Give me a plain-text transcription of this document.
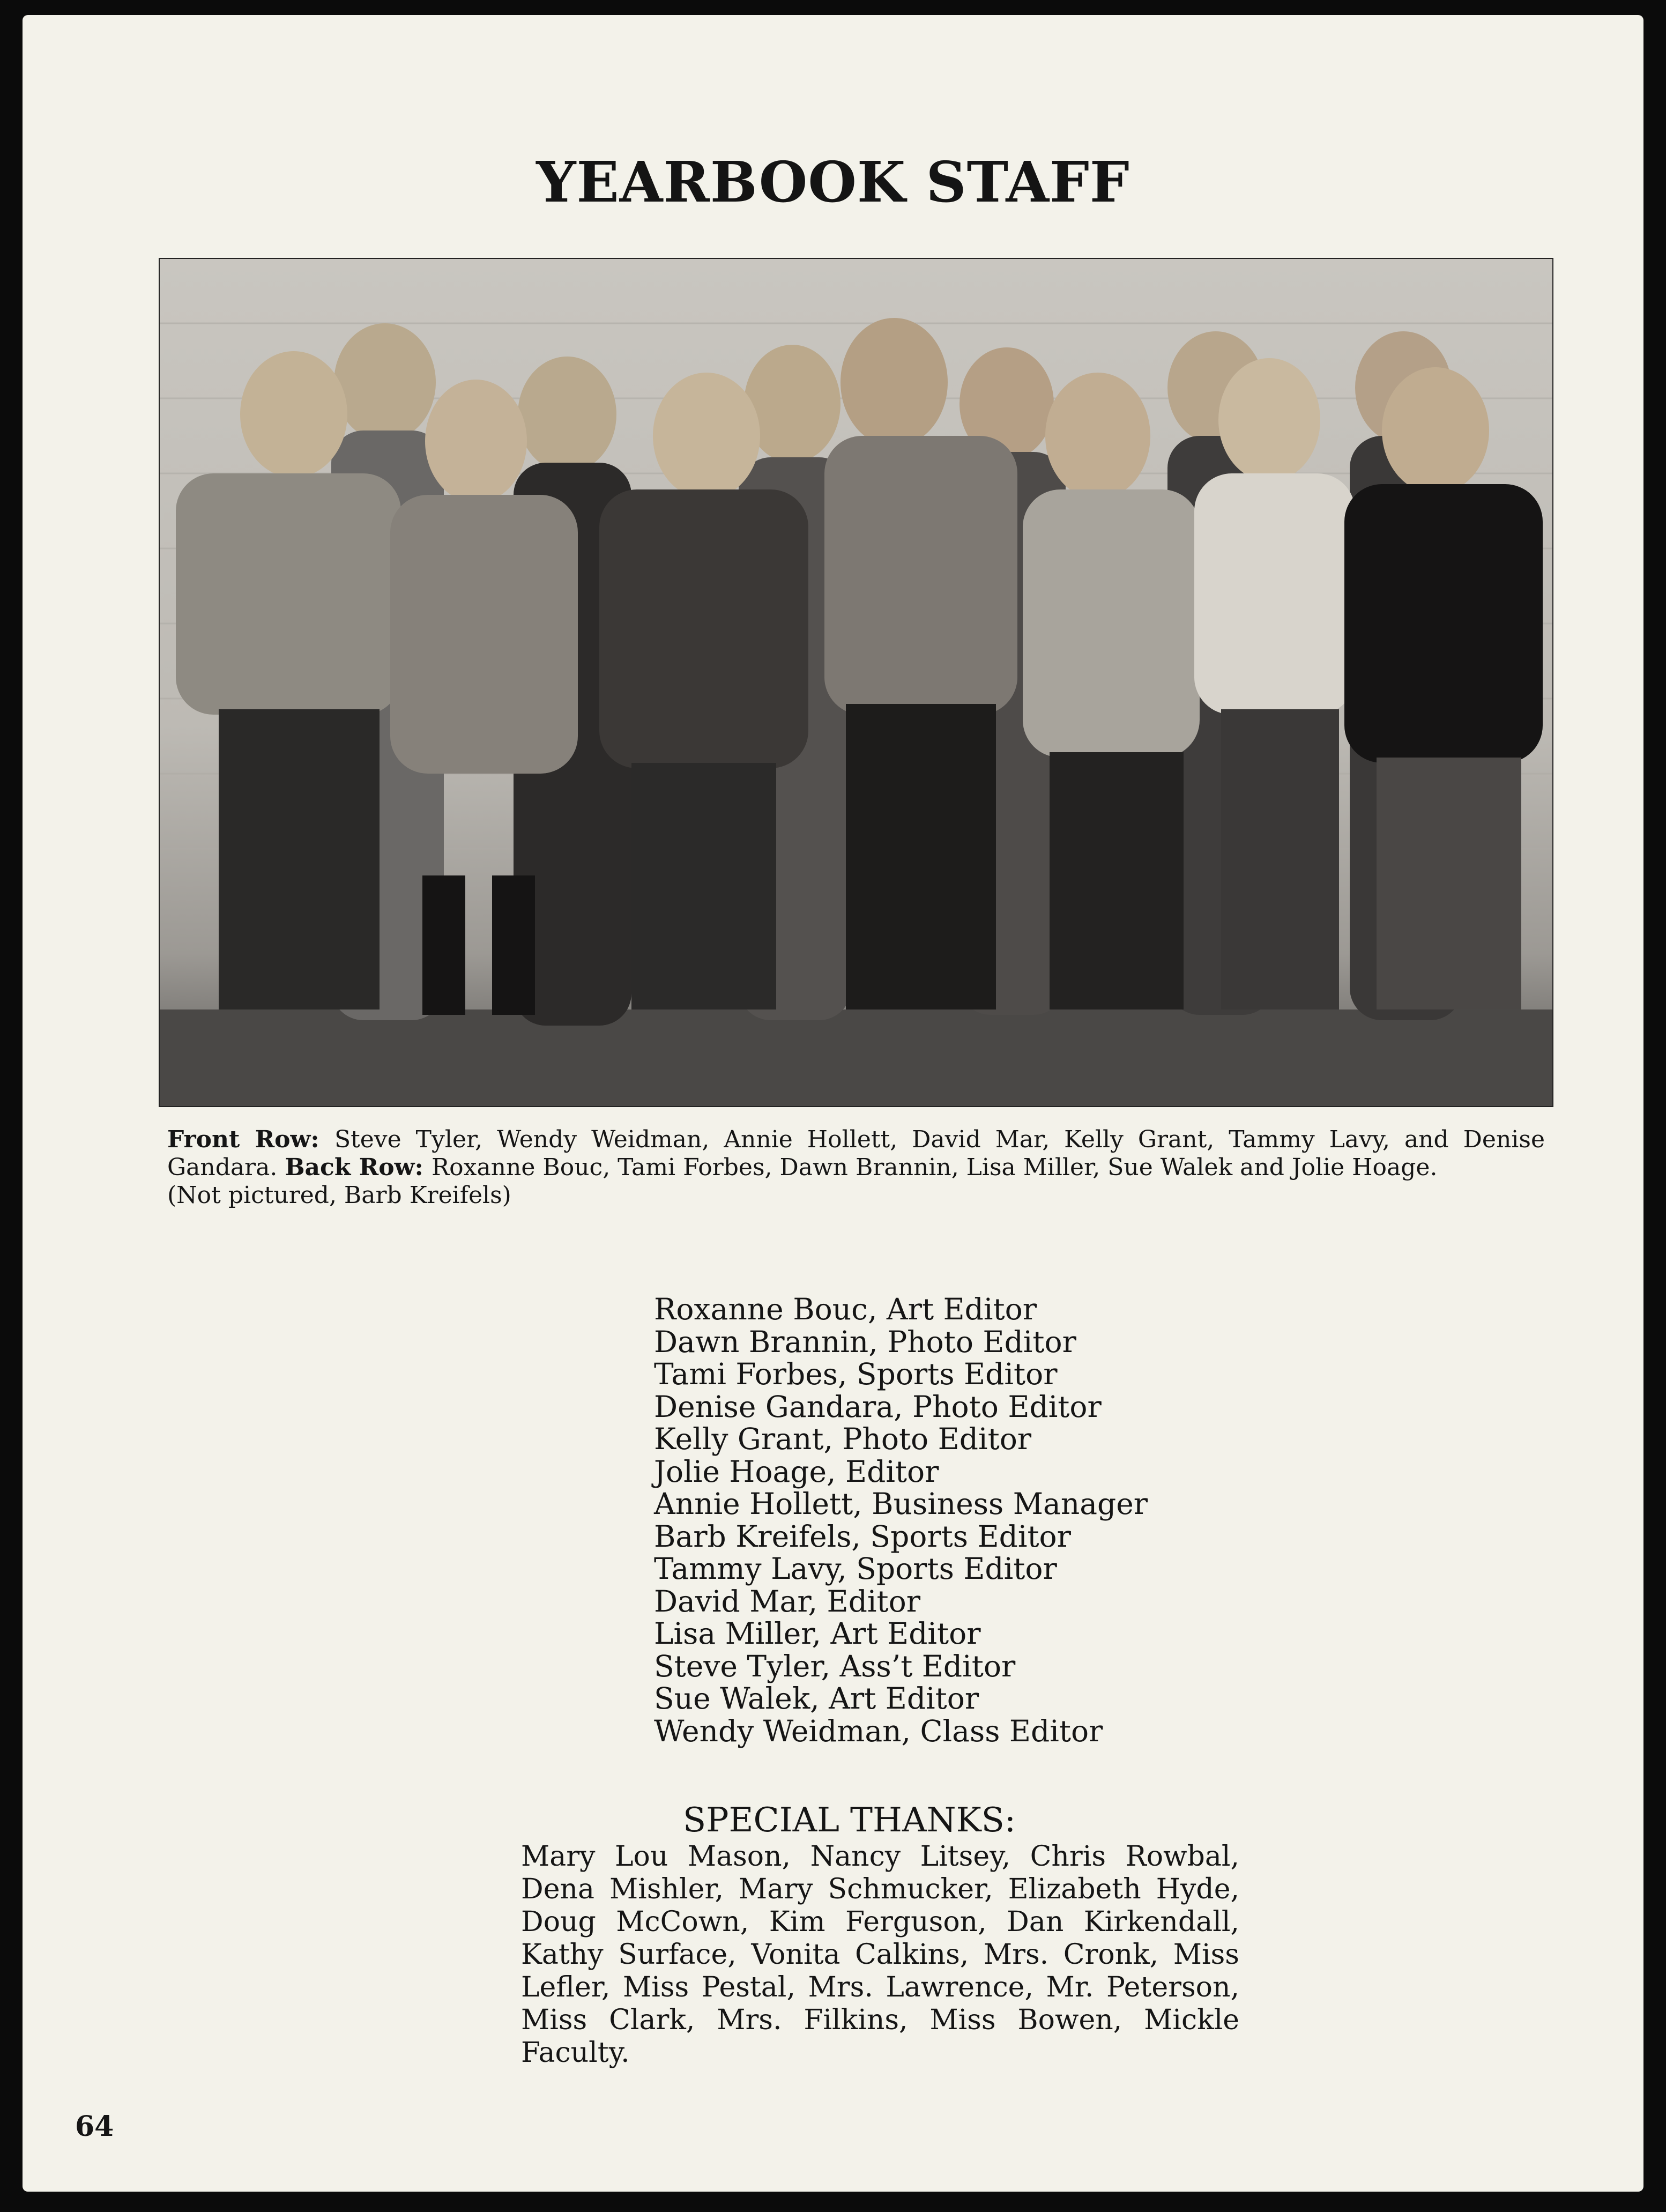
YEARBOOK STAFF
Front Row: Steve Tyler, Wendy Weidman, Annie Hollett, David Mar, Kelly Grant, Tammy Lavy, and Denise Gandara. Back Row: Roxanne Bouc, Tami Forbes, Dawn Brannin, Lisa Miller, Sue Walek and Jolie Hoage.
(Not pictured, Barb Kreifels)
Roxanne Bouc, Art Editor
Dawn Brannin, Photo Editor
Tami Forbes, Sports Editor
Denise Gandara, Photo Editor
Kelly Grant, Photo Editor
Jolie Hoage, Editor
Annie Hollett, Business Manager
Barb Kreifels, Sports Editor
Tammy Lavy, Sports Editor
David Mar, Editor
Lisa Miller, Art Editor
Steve Tyler, Ass’t Editor
Sue Walek, Art Editor
Wendy Weidman, Class Editor
SPECIAL THANKS:
Mary Lou Mason, Nancy Litsey, Chris Rowbal, Dena Mishler, Mary Schmucker, Elizabeth Hyde, Doug McCown, Kim Ferguson, Dan Kirkendall, Kathy Surface, Vonita Calkins, Mrs. Cronk, Miss Lefler, Miss Pestal, Mrs. Lawrence, Mr. Peterson, Miss Clark, Mrs. Filkins, Miss Bowen, Mickle Faculty.
64
